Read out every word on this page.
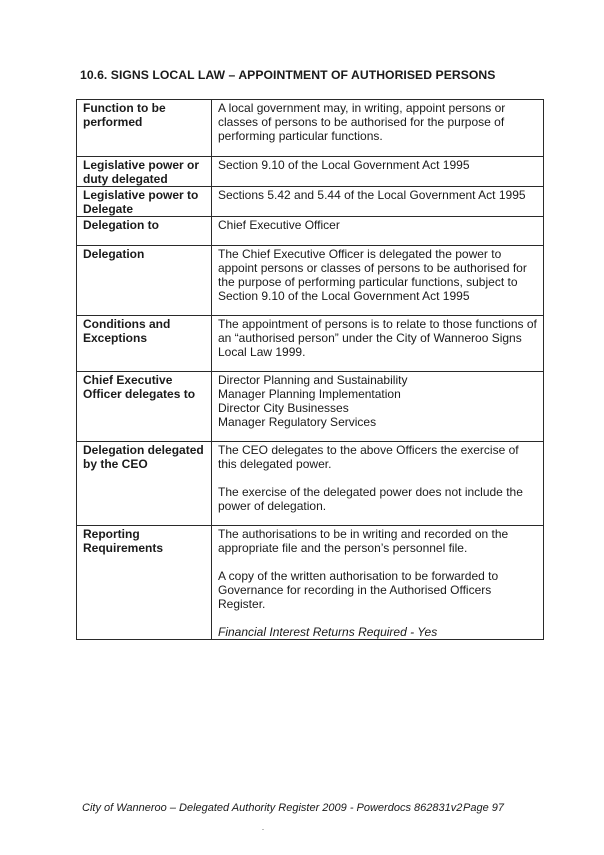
10.6. SIGNS LOCAL LAW – APPOINTMENT OF AUTHORISED PERSONS
Function to be performed	A local government may, in writing, appoint persons or classes of persons to be authorised for the purpose of performing particular functions.

Legislative power or duty delegated	Section 9.10 of the Local Government Act 1995

Legislative power to Delegate	Sections 5.42 and 5.44 of the Local Government Act 1995

Delegation to	Chief Executive Officer

Delegation	The Chief Executive Officer is delegated the power to appoint persons or classes of persons to be authorised for the purpose of performing particular functions, subject to Section 9.10 of the Local Government Act 1995

Conditions and Exceptions	The appointment of persons is to relate to those functions of an “authorised person” under the City of Wanneroo Signs Local Law 1999.

Chief Executive Officer delegates to	Director Planning and Sustainability

Manager Planning Implementation

Director City Businesses

Manager Regulatory Services

Delegation delegated by the CEO	The CEO delegates to the above Officers the exercise of this delegated power.

The exercise of the delegated power does not include the power of delegation.

Reporting Requirements	The authorisations to be in writing and recorded on the appropriate file and the person’s personnel file.

A copy of the written authorisation to be forwarded to Governance for recording in the Authorised Officers Register.

Financial Interest Returns Required - Yes

City of Wanneroo – Delegated Authority Register 2009 - Powerdocs 862831v2 Page 97
